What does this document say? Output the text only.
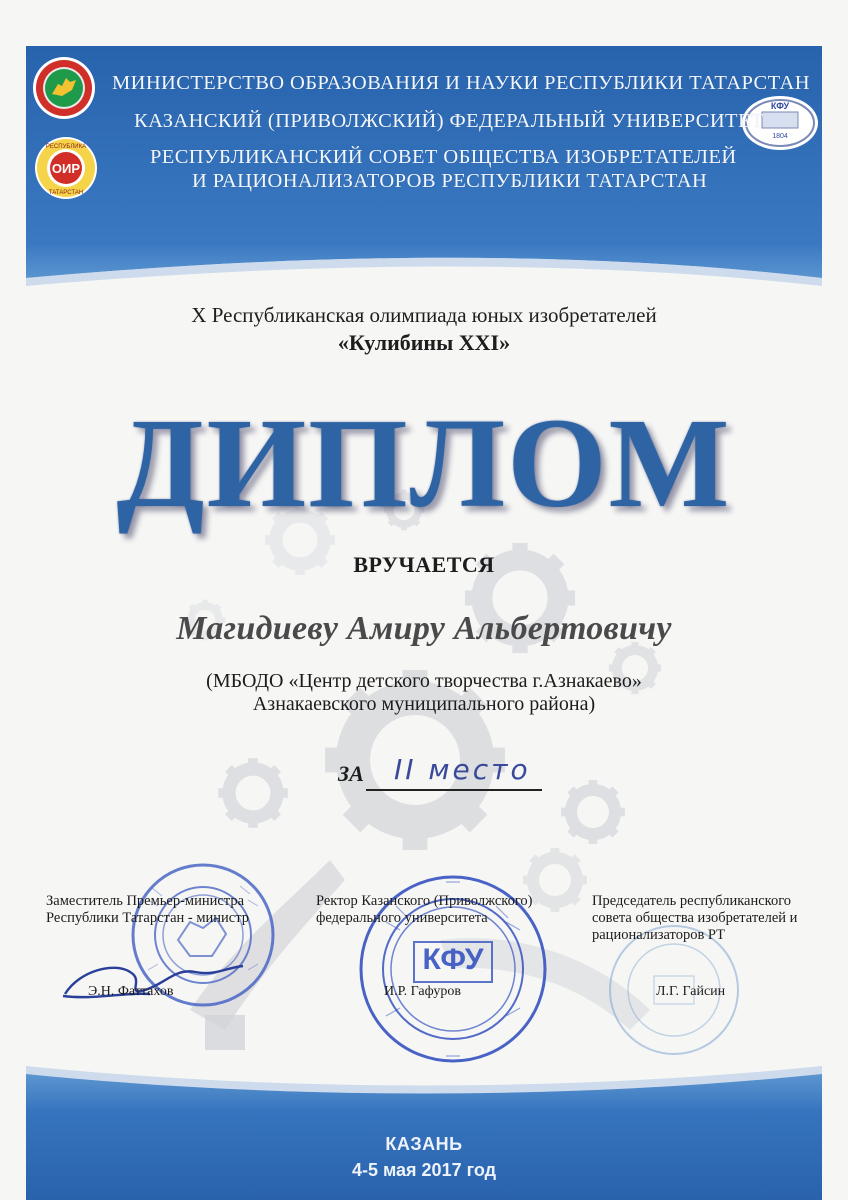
ОИР
РЕСПУБЛИКА
ТАТАРСТАН
КФУ
1804
МИНИСТЕРСТВО ОБРАЗОВАНИЯ И НАУКИ РЕСПУБЛИКИ ТАТАРСТАН
КАЗАНСКИЙ (ПРИВОЛЖСКИЙ) ФЕДЕРАЛЬНЫЙ УНИВЕРСИТЕТ
РЕСПУБЛИКАНСКИЙ СОВЕТ ОБЩЕСТВА ИЗОБРЕТАТЕЛЕЙ
И РАЦИОНАЛИЗАТОРОВ РЕСПУБЛИКИ ТАТАРСТАН
X Республиканская олимпиада юных изобретателей
«Кулибины XXI»
ДИПЛОМ
ВРУЧАЕТСЯ
Магидиеву Амиру Альбертовичу
(МБОДО «Центр детского творчества г.Азнакаево»
Азнакаевского муниципального района)
ЗА II место
КФУ
Заместитель Премьер-министра
Республики Татарстан - министр
Ректор Казанского (Приволжского)
федерального университета
Председатель республиканского
совета общества изобретателей и
рационализаторов РТ
Э.Н. Фаттахов	И.Р. Гафуров	Л.Г. Гайсин
КАЗАНЬ
4-5 мая 2017 год
